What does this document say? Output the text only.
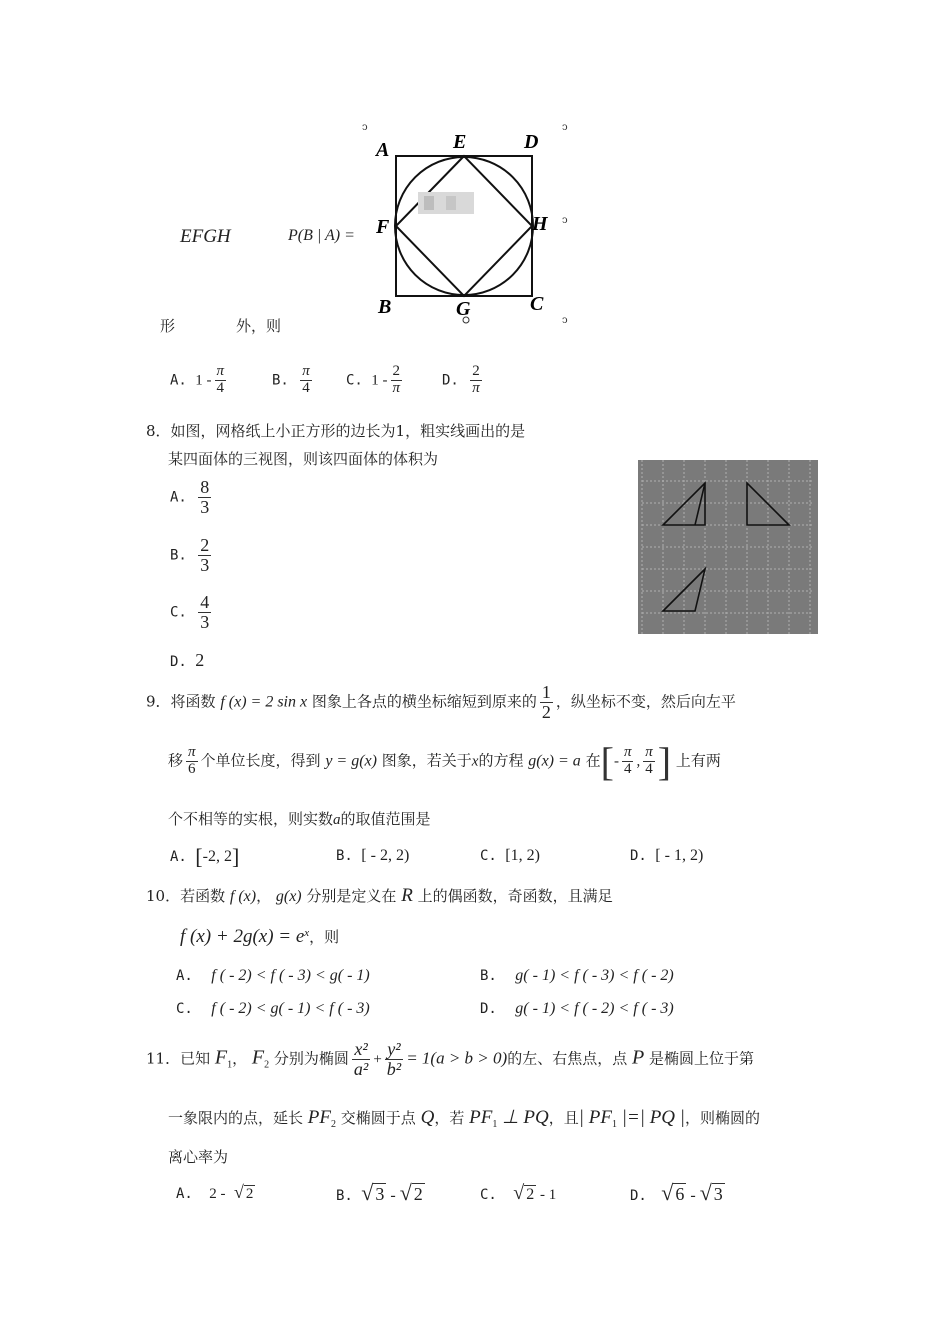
ↄ	ↄ
ↄ
ↄ
A	E	D
F	H
B	G	C
EFGH	P(B | A) =
形	外，则
A. $1 - \frac{\pi}{4}$	B. $\frac{\pi}{4} C$. $1 - \frac{2}{\pi}$	D. $\frac{2}{\pi}$
8．如图，网格纸上小正方形的边长为1，粗实线画出的是
某四面体的三视图，则该四面体的体积为
A. $\frac{8}{3}$
B. $\frac{2}{3}$
C. $\frac{4}{3}$
D. 2
9．将函数 f (x) = 2 sin x 图象上各点的横坐标缩短到原来的 $\frac{1}{2}$ ，纵坐标不变，然后向左平
移 $\frac{\pi}{6}$ 个单位长度，得到 y = g(x) 图象，若关于x的方程 g(x) = a 在[- $\frac{\pi}{4}$ , $\frac{\pi}{4}$ ] 上有两
个不相等的实根，则实数a的取值范围是
A. [-2, 2]	B. [ - 2, 2)	C. [1, 2)	D. [ - 1, 2)
10．若函数 f (x)， g(x) 分别是定义在 R 上的偶函数，奇函数，且满足
f $(x) + 2g(x) = e^x$，则
A. f ( - 2) < f ( - 3) < g( - 1)	B. g( - 1) < f ( - 3) < f ( - 2)
C. f ( - 2) < g( - 1) < f ( - 3)	D. g( - 1) < f ( - 2) < f ( - 3)
11．已知 $F_1$， $F_2$ 分别为椭圆 $\frac{\text{x²}}{\text{a²}} + \frac{\text{y²}}{\text{b²}} = 1(a > b > 0)$的左、右焦点，点 P 是椭圆上位于第
一象限内的点，延长 $PF_2$ 交椭圆于点 Q，若 $PF_1$ ⊥ PQ，且| $PF_1$ |=| PQ |，则椭圆的
离心率为
A. 2 - √ 2	B. √ 3 - √ 2	C. √ 2 - 1	D. √ 6 - √ 3
